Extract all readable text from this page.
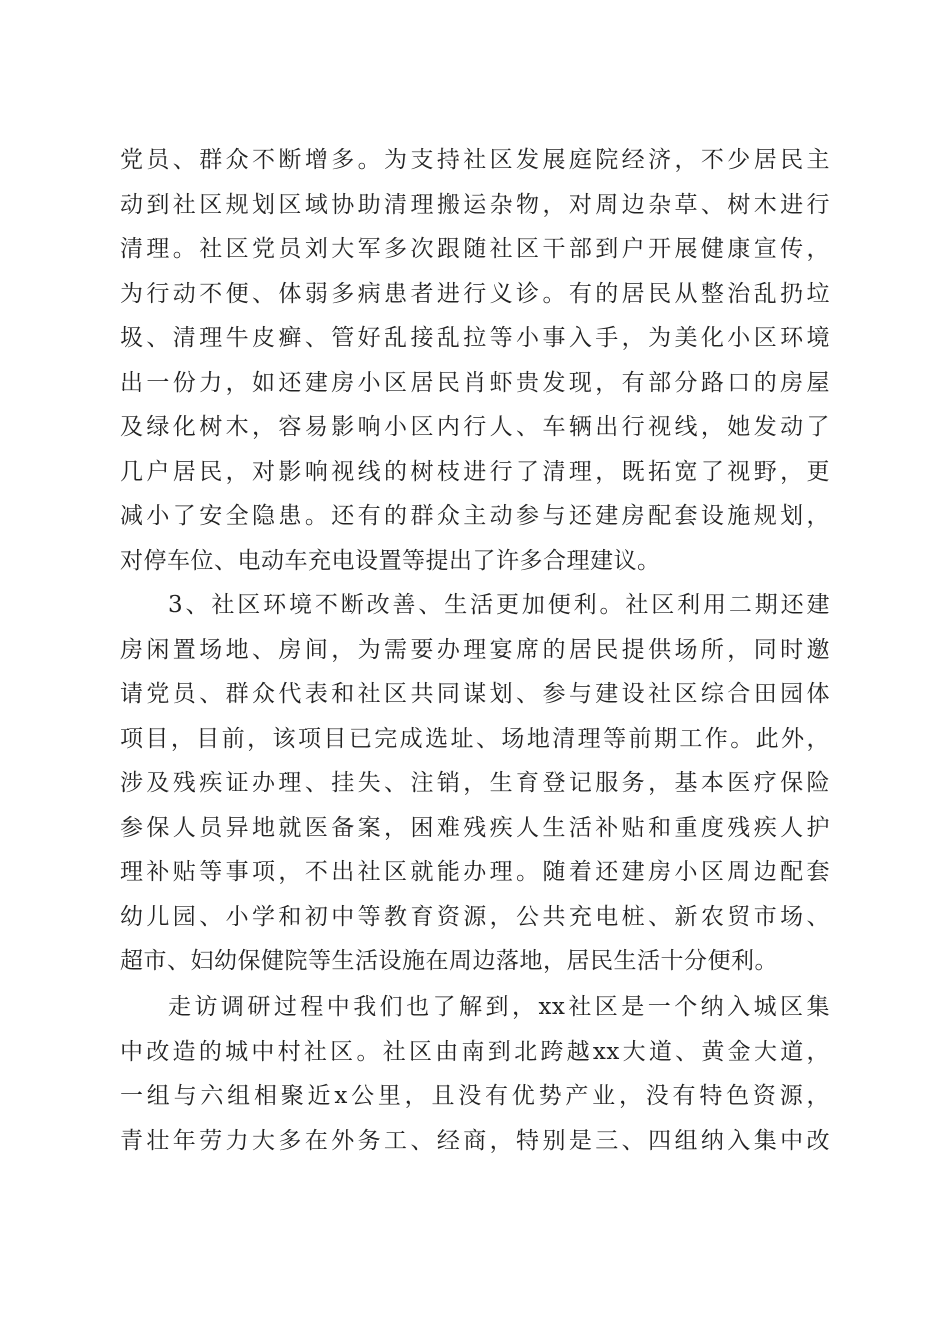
党员、群众不断增多。为支持社区发展庭院经济，不少居民主
动到社区规划区域协助清理搬运杂物，对周边杂草、树木进行
清理。社区党员刘大军多次跟随社区干部到户开展健康宣传，
为行动不便、体弱多病患者进行义诊。有的居民从整治乱扔垃
圾、清理牛皮癣、管好乱接乱拉等小事入手，为美化小区环境
出一份力，如还建房小区居民肖虾贵发现，有部分路口的房屋
及绿化树木，容易影响小区内行人、车辆出行视线，她发动了
几户居民，对影响视线的树枝进行了清理，既拓宽了视野，更
减小了安全隐患。还有的群众主动参与还建房配套设施规划，
对停车位、电动车充电设置等提出了许多合理建议。
3、社区环境不断改善、生活更加便利。社区利用二期还建
房闲置场地、房间，为需要办理宴席的居民提供场所，同时邀
请党员、群众代表和社区共同谋划、参与建设社区综合田园体
项目，目前，该项目已完成选址、场地清理等前期工作。此外，
涉及残疾证办理、挂失、注销，生育登记服务，基本医疗保险
参保人员异地就医备案，困难残疾人生活补贴和重度残疾人护
理补贴等事项，不出社区就能办理。随着还建房小区周边配套
幼儿园、小学和初中等教育资源，公共充电桩、新农贸市场、
超市、妇幼保健院等生活设施在周边落地，居民生活十分便利。
走访调研过程中我们也了解到，xx社区是一个纳入城区集
中改造的城中村社区。社区由南到北跨越xx大道、黄金大道，
一组与六组相聚近x公里，且没有优势产业，没有特色资源，
青壮年劳力大多在外务工、经商，特别是三、四组纳入集中改
